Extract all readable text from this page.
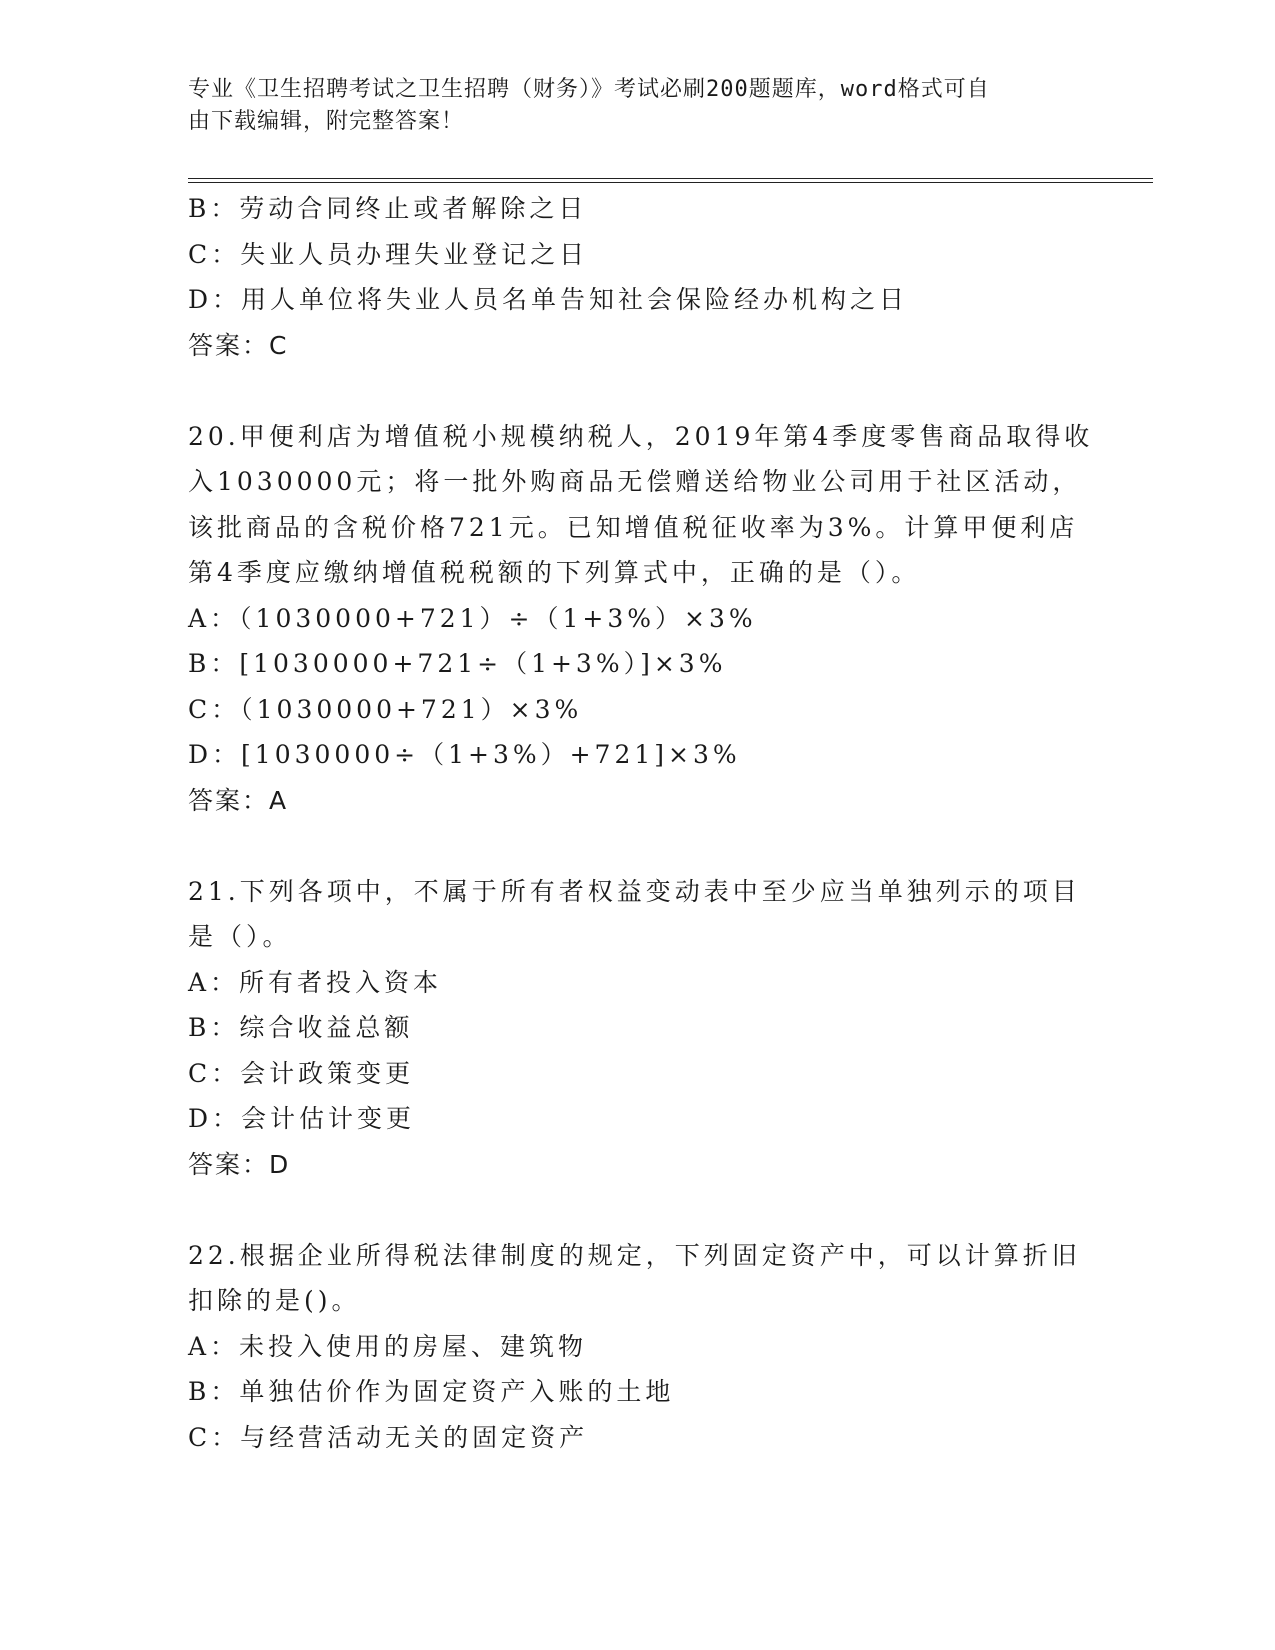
专业《卫生招聘考试之卫生招聘（财务）》考试必刷200题题库，word格式可自
由下载编辑，附完整答案！
B：劳动合同终止或者解除之日
C：失业人员办理失业登记之日
D：用人单位将失业人员名单告知社会保险经办机构之日
答案：C
20.甲便利店为增值税小规模纳税人，2019年第4季度零售商品取得收
入1030000元；将一批外购商品无偿赠送给物业公司用于社区活动，
该批商品的含税价格721元。已知增值税征收率为3%。计算甲便利店
第4季度应缴纳增值税税额的下列算式中，正确的是（）。
A：（1030000+721）÷（1+3%）×3%
B：[1030000+721÷（1+3%）]×3%
C：（1030000+721）×3%
D：[1030000÷（1+3%）+721]×3%
答案：A
21.下列各项中，不属于所有者权益变动表中至少应当单独列示的项目
是（）。
A：所有者投入资本
B：综合收益总额
C：会计政策变更
D：会计估计变更
答案：D
22.根据企业所得税法律制度的规定，下列固定资产中，可以计算折旧
扣除的是()。
A：未投入使用的房屋、建筑物
B：单独估价作为固定资产入账的土地
C：与经营活动无关的固定资产
